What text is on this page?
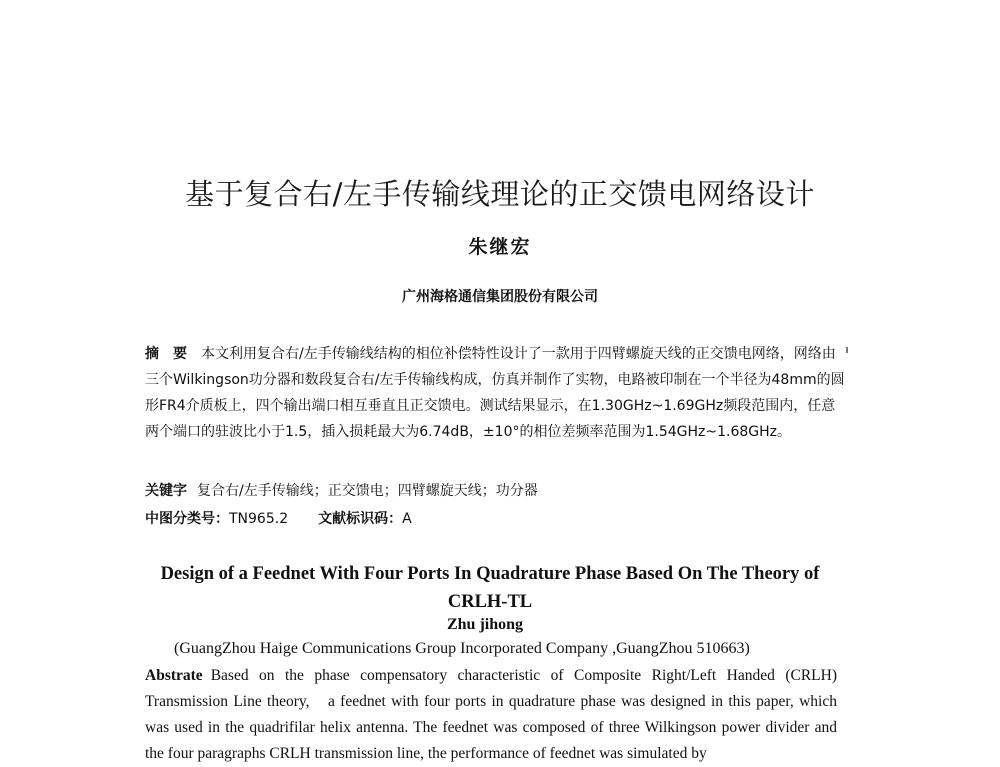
基于复合右/左手传输线理论的正交馈电网络设计
朱继宏
广州海格通信集团股份有限公司
摘　要 本文利用复合右/左手传输线结构的相位补偿特性设计了一款用于四臂螺旋天线的正交馈电网络，网络由三个Wilkingson功分器和数段复合右/左手传输线构成，仿真并制作了实物，电路被印制在一个半径为48mm的圆形FR4介质板上，四个输出端口相互垂直且正交馈电。测试结果显示，在1.30GHz~1.69GHz频段范围内，任意两个端口的驻波比小于1.5，插入损耗最大为6.74dB，±10°的相位差频率范围为1.54GHz~1.68GHz。
关键字 复合右/左手传输线；正交馈电；四臂螺旋天线；功分器
中图分类号：TN965.2 文献标识码：A
Design of a Feednet With Four Ports In Quadrature Phase Based On The Theory of CRLH-TL
Zhu jihong
(GuangZhou Haige Communications Group Incorporated Company ,GuangZhou 510663)
Abstrate Based on the phase compensatory characteristic of Composite Right/Left Handed (CRLH) Transmission Line theory,　a feednet with four ports in quadrature phase was designed in this paper, which was used in the quadrifilar helix antenna. The feednet was composed of three Wilkingson power divider and the four paragraphs CRLH transmission line, the performance of feednet was simulated by
